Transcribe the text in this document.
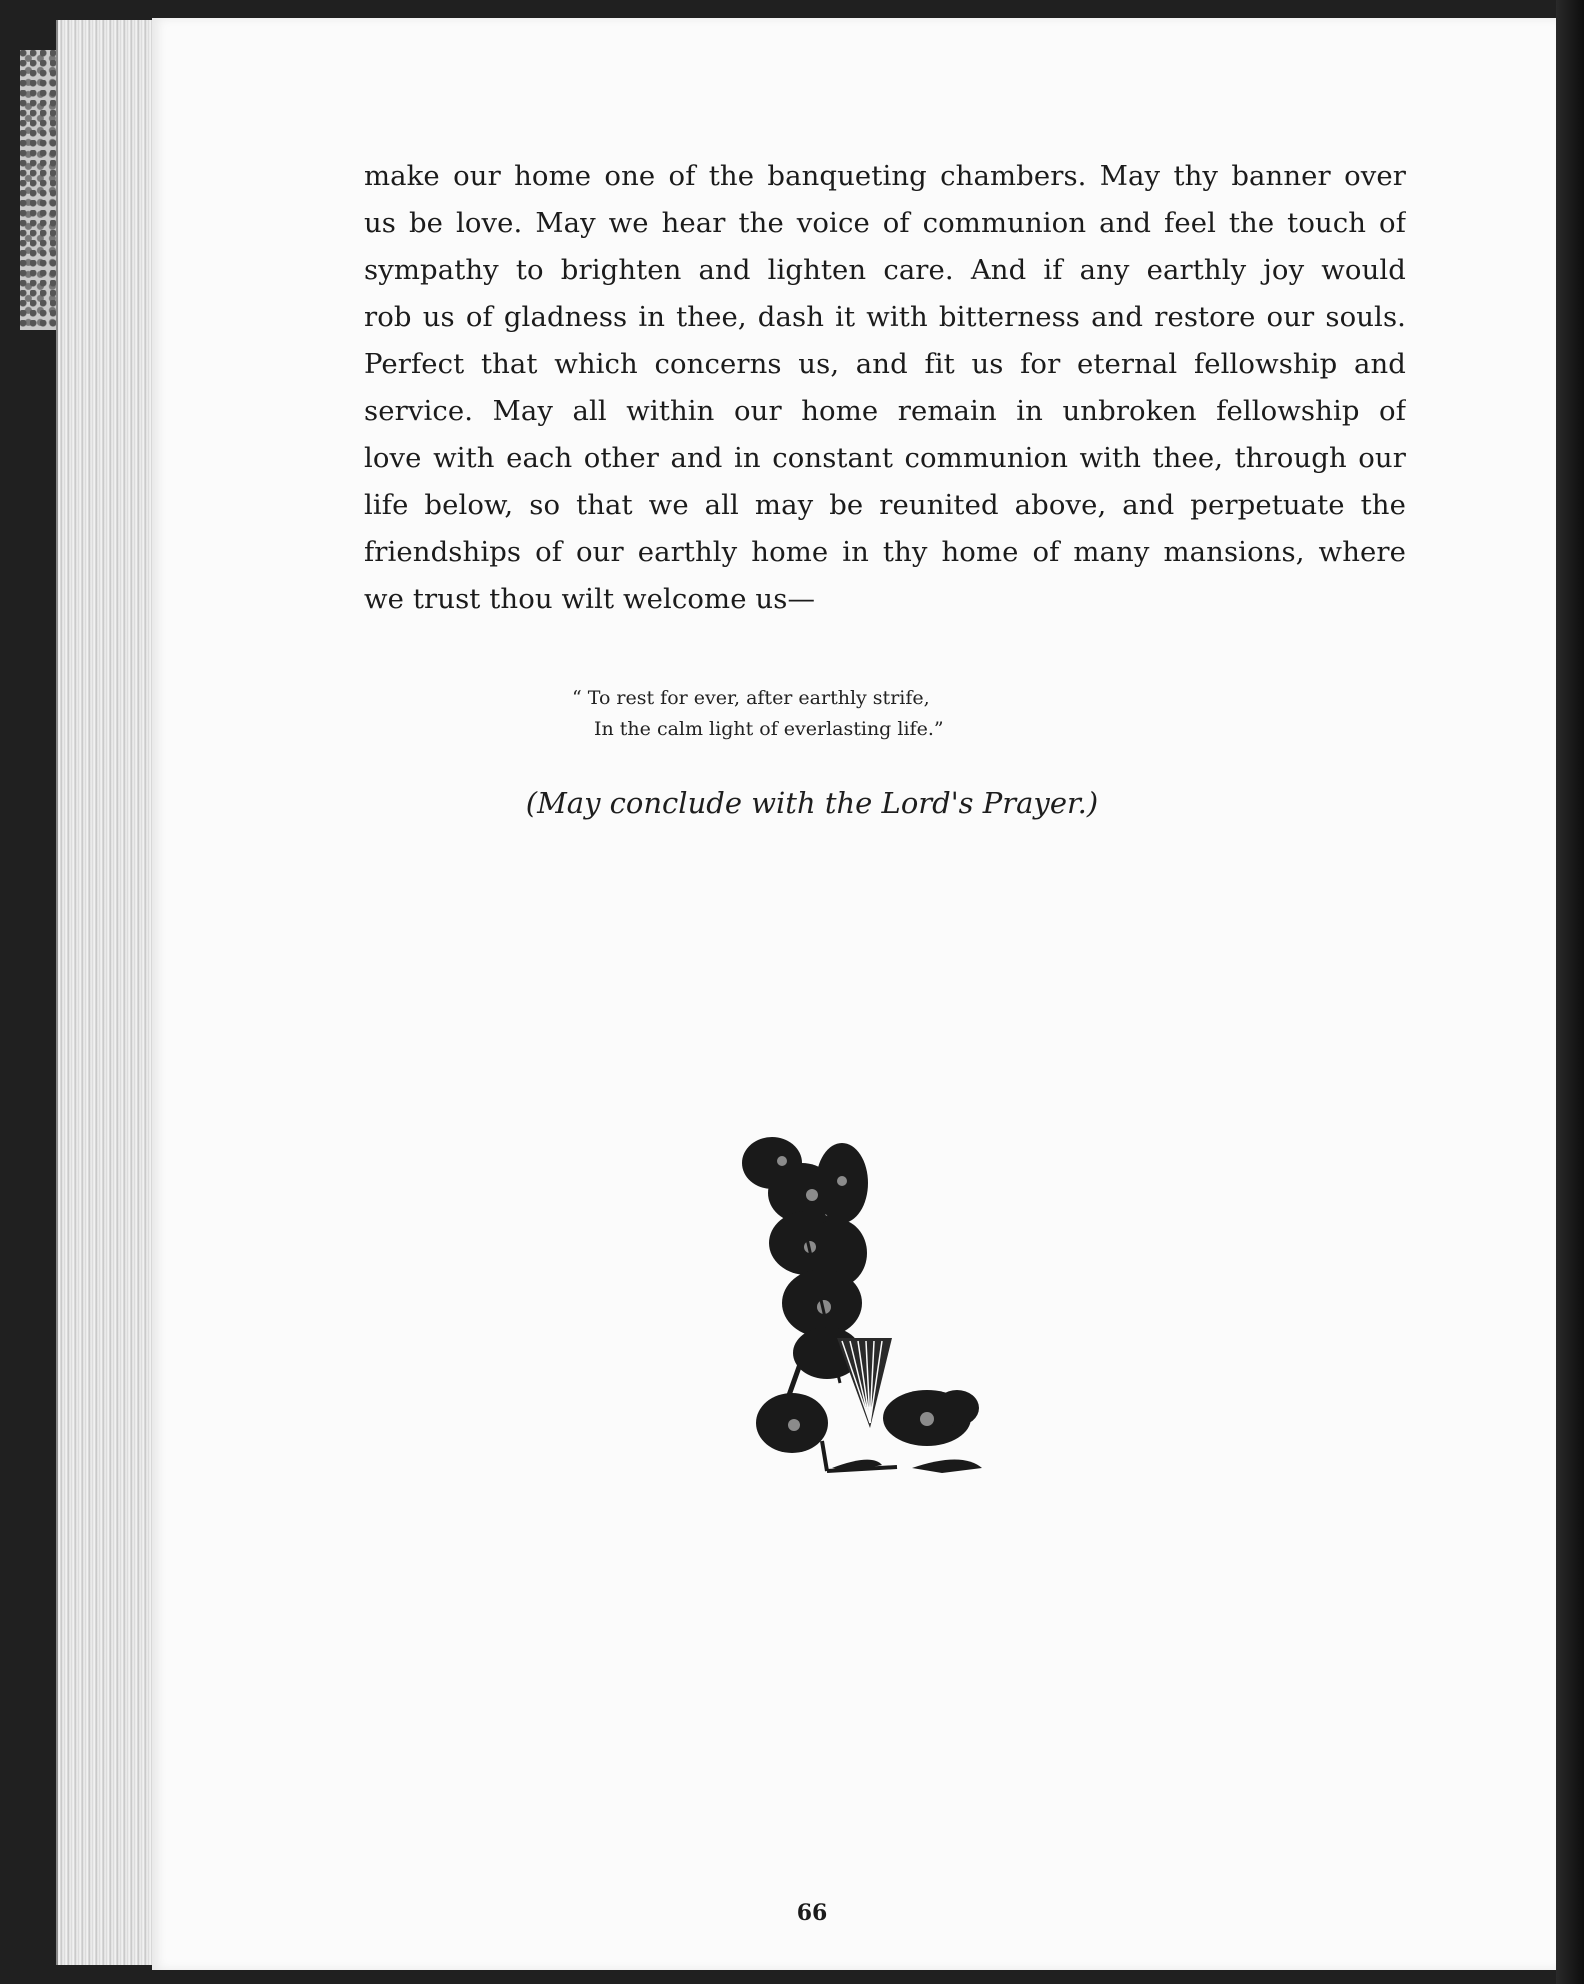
make our home one of the banqueting chambers. May thy banner over
us be love. May we hear the voice of communion and feel the touch of
sympathy to brighten and lighten care. And if any earthly joy would
rob us of gladness in thee, dash it with bitterness and restore our souls.
Perfect that which concerns us, and fit us for eternal fellowship and
service. May all within our home remain in unbroken fellowship of
love with each other and in constant communion with thee, through our
life below, so that we all may be reunited above, and perpetuate the
friendships of our earthly home in thy home of many mansions, where
we trust thou wilt welcome us—

“ To rest for ever, after earthly strife,
In the calm light of everlasting life.”
(May conclude with the Lord's Prayer.)
66
